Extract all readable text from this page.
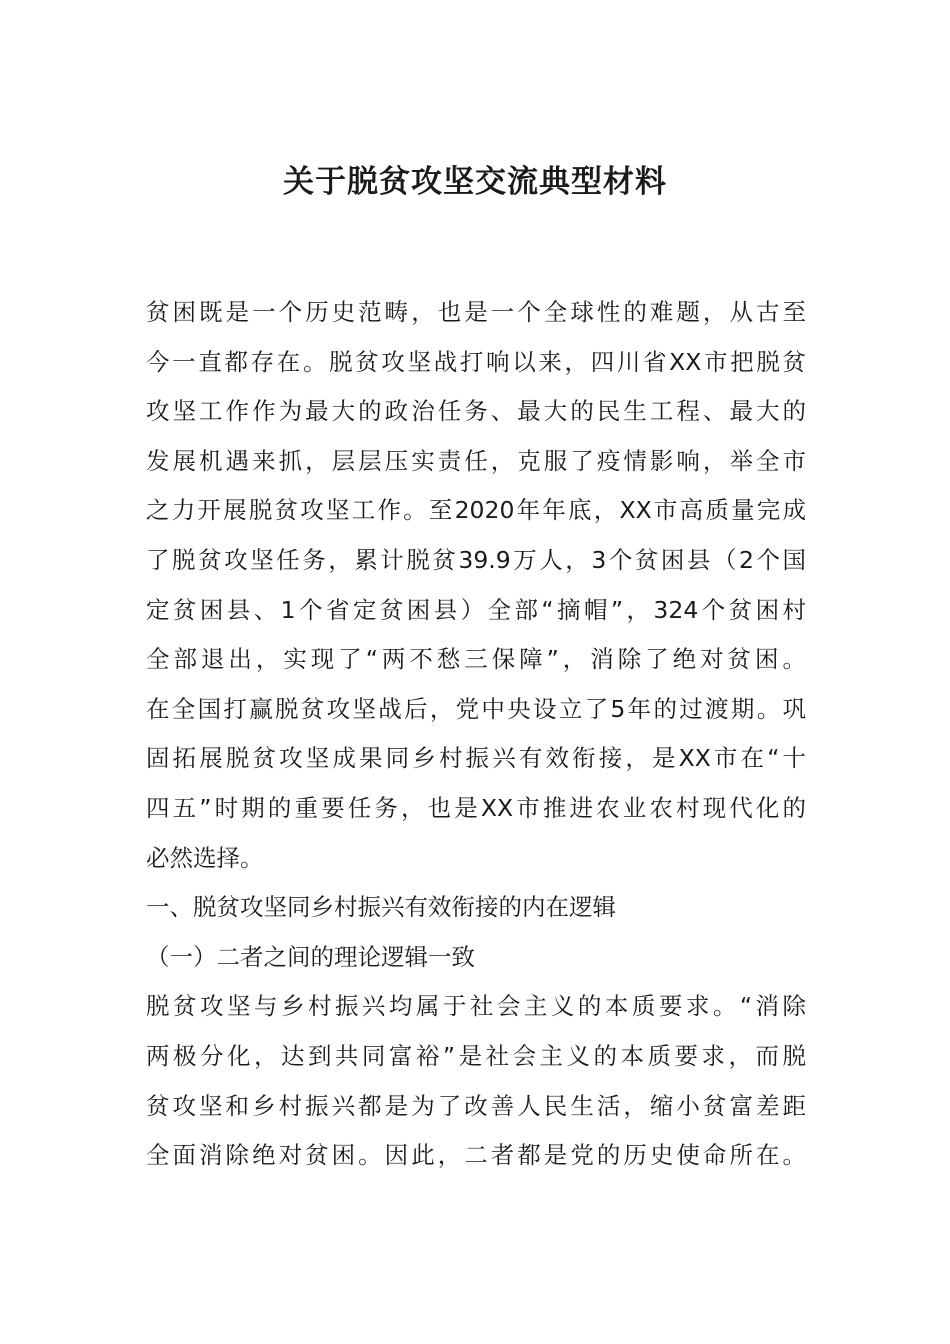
关于脱贫攻坚交流典型材料
贫困既是一个历史范畴，也是一个全球性的难题，从古至
今一直都存在。脱贫攻坚战打响以来，四川省XX市把脱贫
攻坚工作作为最大的政治任务、最大的民生工程、最大的
发展机遇来抓，层层压实责任，克服了疫情影响，举全市
之力开展脱贫攻坚工作。至2020年年底，XX市高质量完成
了脱贫攻坚任务，累计脱贫39.9万人，3个贫困县（2个国
定贫困县、1个省定贫困县）全部“摘帽”，324个贫困村
全部退出，实现了“两不愁三保障”，消除了绝对贫困。
在全国打赢脱贫攻坚战后，党中央设立了5年的过渡期。巩
固拓展脱贫攻坚成果同乡村振兴有效衔接，是XX市在“十
四五”时期的重要任务，也是XX市推进农业农村现代化的
必然选择。
一、脱贫攻坚同乡村振兴有效衔接的内在逻辑
（一）二者之间的理论逻辑一致
脱贫攻坚与乡村振兴均属于社会主义的本质要求。“消除
两极分化，达到共同富裕”是社会主义的本质要求，而脱
贫攻坚和乡村振兴都是为了改善人民生活，缩小贫富差距
全面消除绝对贫困。因此，二者都是党的历史使命所在。
